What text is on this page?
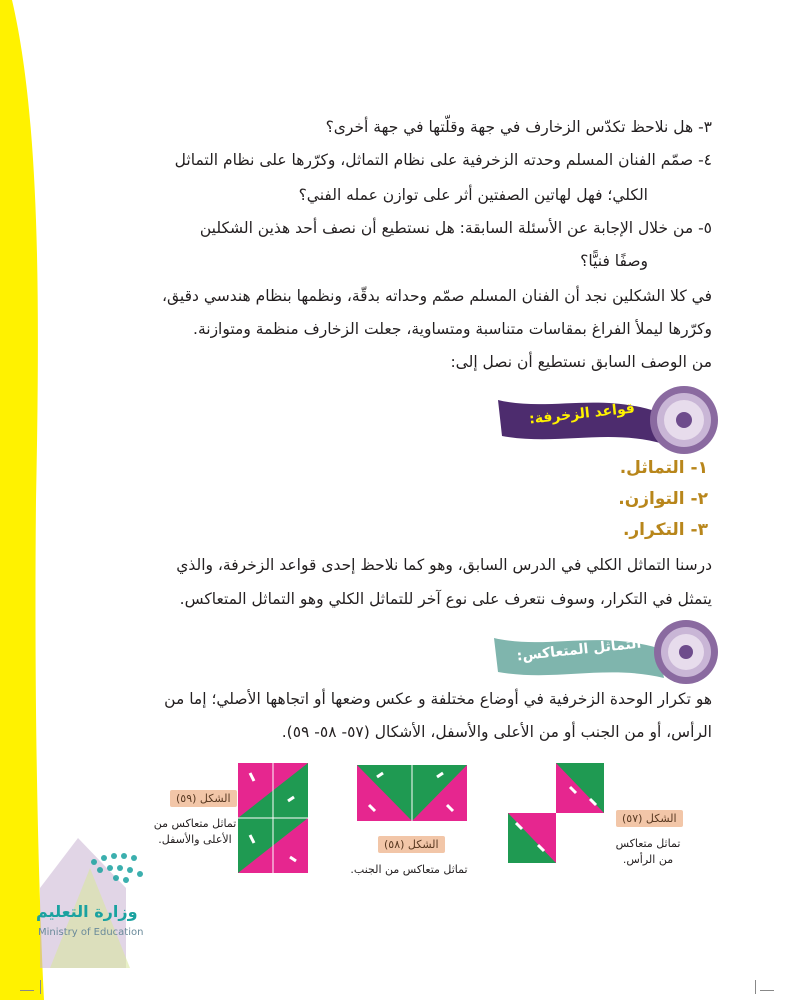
٣- هل نلاحظ تكدّس الزخارف في جهة وقلّتها في جهة أخرى؟
٤- صمّم الفنان المسلم وحدته الزخرفية على نظام التماثل، وكرّرها على نظام التماثل
الكلي؛ فهل لهاتين الصفتين أثر على توازن عمله الفني؟
٥- من خلال الإجابة عن الأسئلة السابقة: هل نستطيع أن نصف أحد هذين الشكلين
وصفًا فنيًّا؟
في كلا الشكلين نجد أن الفنان المسلم صمّم وحداته بدقّة، ونظمها بنظام هندسي دقيق،
وكرّرها ليملأ الفراغ بمقاسات متناسبة ومتساوية، جعلت الزخارف منظمة ومتوازنة.
من الوصف السابق نستطيع أن نصل إلى:
قواعد الزخرفة:
١- التماثل.
٢- التوازن.
٣- التكرار.
درسنا التماثل الكلي في الدرس السابق، وهو كما نلاحظ إحدى قواعد الزخرفة، والذي
يتمثل في التكرار، وسوف نتعرف على نوع آخر للتماثل الكلي وهو التماثل المتعاكس.
التماثل المتعاكس:
هو تكرار الوحدة الزخرفية في أوضاع مختلفة و عكس وضعها أو اتجاهها الأصلي؛ إما من
الرأس، أو من الجنب أو من الأعلى والأسفل، الأشكال (٥٧- ٥٨- ٥٩).
الشكل (٥٩)
تماثل متعاكس من
الأعلى والأسفل.	الشكل (٥٨)
تماثل متعاكس من الجنب.
الشكل (٥٧)
تماثل متعاكس
من الرأس.
وزارة التعليم
Ministry of Education
